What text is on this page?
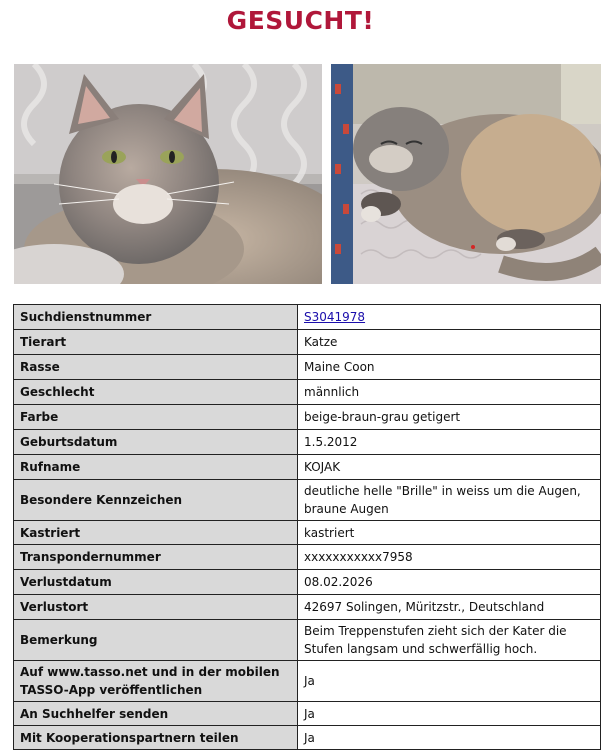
GESUCHT!
Suchdienstnummer	S3041978
Tierart	Katze
Rasse	Maine Coon
Geschlecht	männlich
Farbe	beige-braun-grau getigert
Geburtsdatum	1.5.2012
Rufname	KOJAK
Besondere Kennzeichen	deutliche helle "Brille" in weiss um die Augen, braune Augen
Kastriert	kastriert
Transpondernummer	xxxxxxxxxxx7958
Verlustdatum	08.02.2026
Verlustort	42697 Solingen, Müritzstr., Deutschland
Bemerkung	Beim Treppenstufen zieht sich der Kater die Stufen langsam und schwerfällig hoch.
Auf www.tasso.net und in der mobilen TASSO-App veröffentlichen	Ja
An Suchhelfer senden	Ja
Mit Kooperationspartnern teilen	Ja
